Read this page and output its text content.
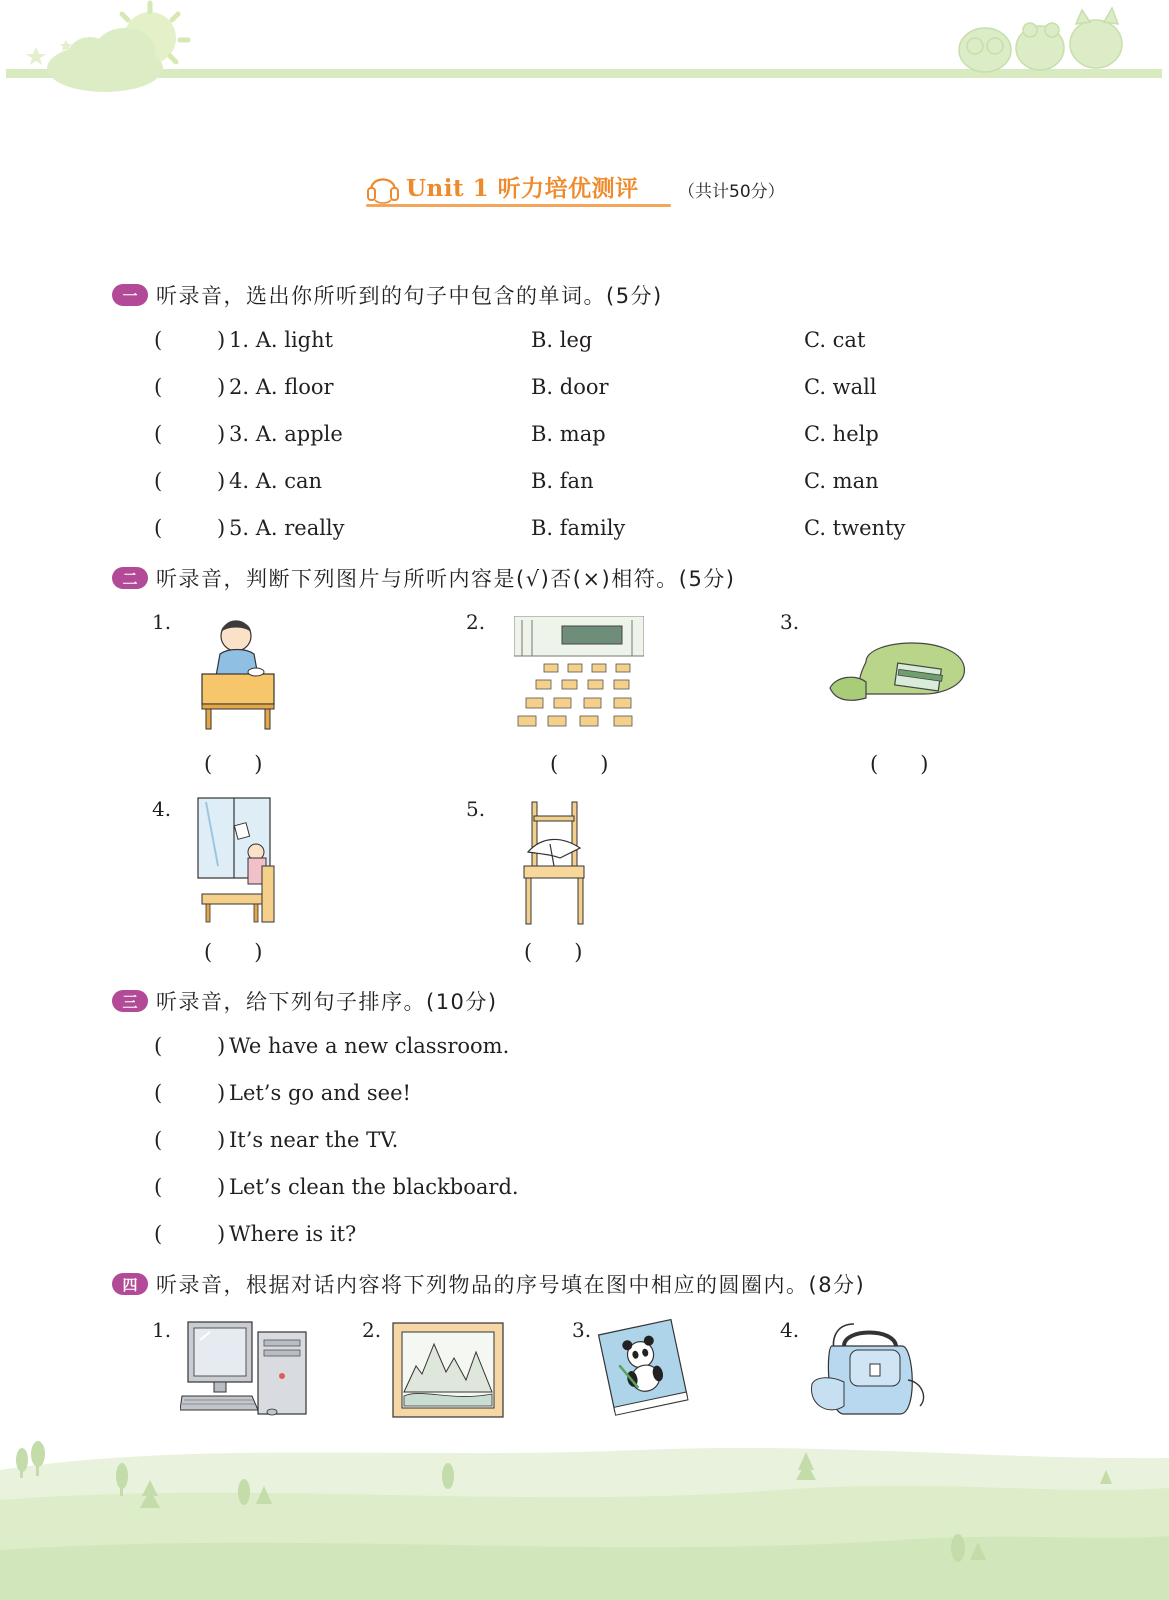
Unit 1 听力培优测评 （共计50分）
一 听录音，选出你所听到的句子中包含的单词。(5分)
(	) 1. A. light	B. leg	C. cat
(	) 2. A. floor	B. door	C. wall
(	) 3. A. apple	B. map	C. help
(	) 4. A. can	B. fan	C. man
(	) 5. A. really	B. family	C. twenty
二 听录音，判断下列图片与所听内容是(√)否(×)相符。(5分)
1.
(　　)
2.
(　　)
3.
(　　)
4.
(　　)
5.
(　　)
三 听录音，给下列句子排序。(10分)
(	) We have a new classroom.
(	) Let’s go and see!
(	) It’s near the TV.
(	) Let’s clean the blackboard.
(	) Where is it?
四 听录音，根据对话内容将下列物品的序号填在图中相应的圆圈内。(8分)
1.	2.	3.	4.
